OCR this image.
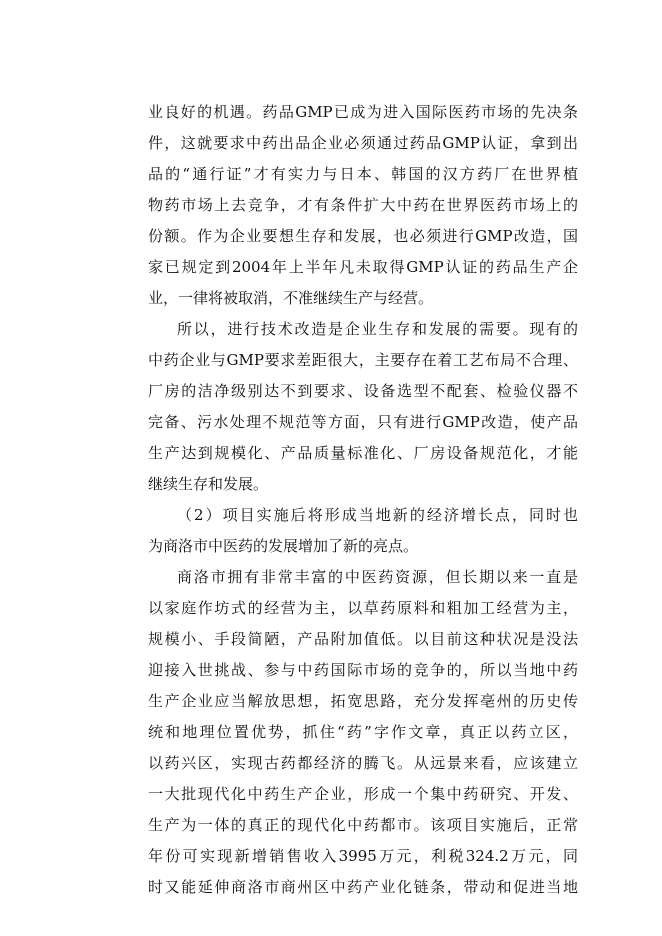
业良好的机遇。药品GMP已成为进入国际医药市场的先决条
件，这就要求中药出品企业必须通过药品GMP认证，拿到出
品的“通行证”才有实力与日本、韩国的汉方药厂在世界植
物药市场上去竞争，才有条件扩大中药在世界医药市场上的
份额。作为企业要想生存和发展，也必须进行GMP改造，国
家已规定到2004年上半年凡未取得GMP认证的药品生产企
业，一律将被取消，不准继续生产与经营。
所以，进行技术改造是企业生存和发展的需要。现有的
中药企业与GMP要求差距很大，主要存在着工艺布局不合理、
厂房的洁净级别达不到要求、设备选型不配套、检验仪器不
完备、污水处理不规范等方面，只有进行GMP改造，使产品
生产达到规模化、产品质量标准化、厂房设备规范化，才能
继续生存和发展。
（2）项目实施后将形成当地新的经济增长点，同时也
为商洛市中医药的发展增加了新的亮点。
商洛市拥有非常丰富的中医药资源，但长期以来一直是
以家庭作坊式的经营为主，以草药原料和粗加工经营为主，
规模小、手段简陋，产品附加值低。以目前这种状况是没法
迎接入世挑战、参与中药国际市场的竞争的，所以当地中药
生产企业应当解放思想，拓宽思路，充分发挥亳州的历史传
统和地理位置优势，抓住“药”字作文章，真正以药立区，
以药兴区，实现古药都经济的腾飞。从远景来看，应该建立
一大批现代化中药生产企业，形成一个集中药研究、开发、
生产为一体的真正的现代化中药都市。该项目实施后，正常
年份可实现新增销售收入3995万元，利税324.2万元，同
时又能延伸商洛市商州区中药产业化链条，带动和促进当地
